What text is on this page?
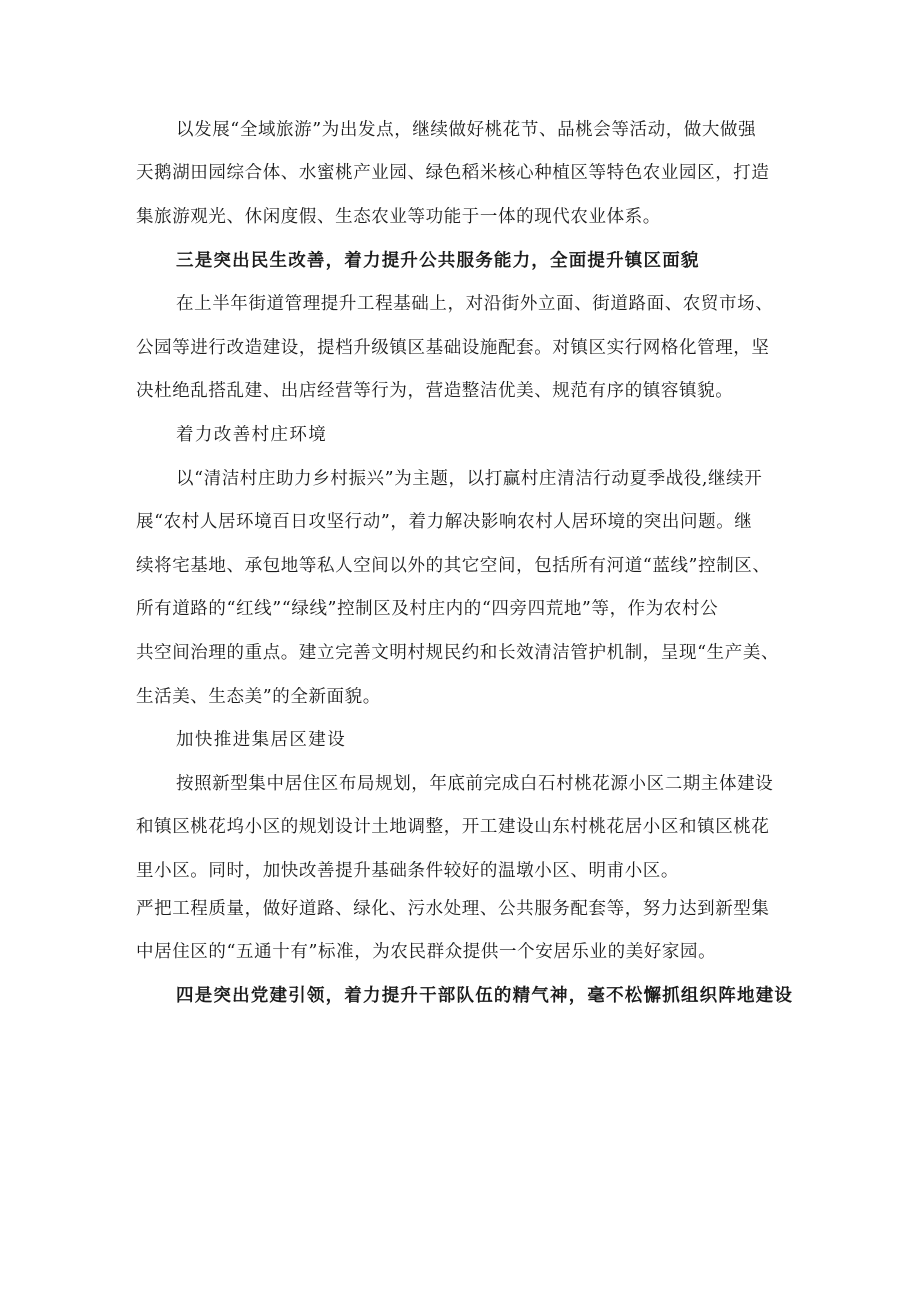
以发展“全域旅游”为出发点，继续做好桃花节、品桃会等活动，做大做强
天鹅湖田园综合体、水蜜桃产业园、绿色稻米核心种植区等特色农业园区，打造
集旅游观光、休闲度假、生态农业等功能于一体的现代农业体系。
三是突出民生改善，着力提升公共服务能力，全面提升镇区面貌
在上半年街道管理提升工程基础上，对沿街外立面、街道路面、农贸市场、
公园等进行改造建设，提档升级镇区基础设施配套。对镇区实行网格化管理，坚
决杜绝乱搭乱建、出店经营等行为，营造整洁优美、规范有序的镇容镇貌。
着力改善村庄环境
以“清洁村庄助力乡村振兴”为主题，以打赢村庄清洁行动夏季战役,继续开
展“农村人居环境百日攻坚行动”，着力解决影响农村人居环境的突出问题。继
续将宅基地、承包地等私人空间以外的其它空间，包括所有河道“蓝线”控制区、
所有道路的“红线”“绿线”控制区及村庄内的“四旁四荒地”等，作为农村公
共空间治理的重点。建立完善文明村规民约和长效清洁管护机制，呈现“生产美、
生活美、生态美”的全新面貌。
加快推进集居区建设
按照新型集中居住区布局规划，年底前完成白石村桃花源小区二期主体建设
和镇区桃花坞小区的规划设计土地调整，开工建设山东村桃花居小区和镇区桃花
里小区。同时，加快改善提升基础条件较好的温墩小区、明甫小区。
严把工程质量，做好道路、绿化、污水处理、公共服务配套等，努力达到新型集
中居住区的“五通十有”标准，为农民群众提供一个安居乐业的美好家园。
四是突出党建引领，着力提升干部队伍的精气神，毫不松懈抓组织阵地建设
